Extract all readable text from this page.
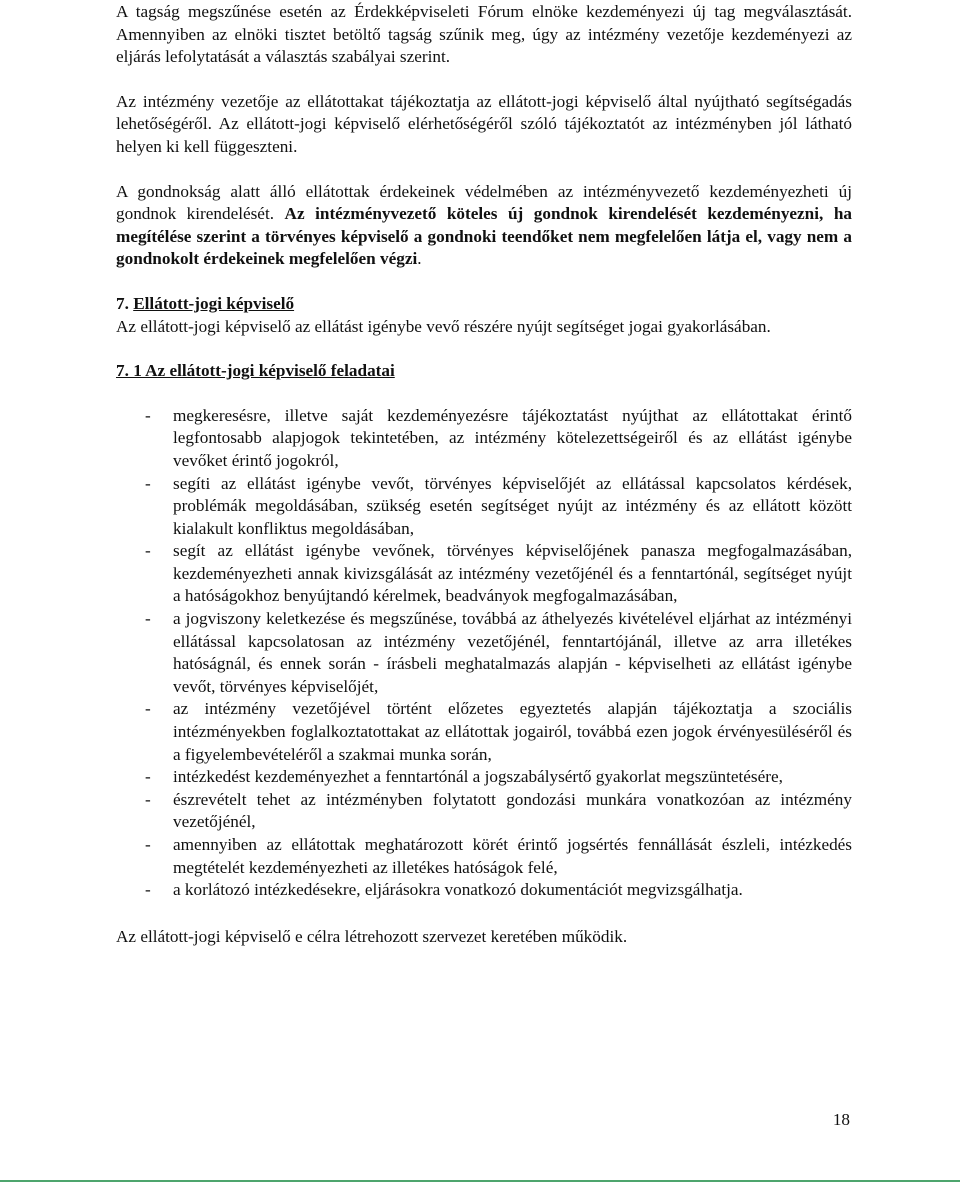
A tagság megszűnése esetén az Érdekképviseleti Fórum elnöke kezdeményezi új tag megválasztását. Amennyiben az elnöki tisztet betöltő tagság szűnik meg, úgy az intézmény vezetője kezdeményezi az eljárás lefolytatását a választás szabályai szerint.

Az intézmény vezetője az ellátottakat tájékoztatja az ellátott-jogi képviselő által nyújtható segítségadás lehetőségéről. Az ellátott-jogi képviselő elérhetőségéről szóló tájékoztatót az intézményben jól látható helyen ki kell függeszteni.

A gondnokság alatt álló ellátottak érdekeinek védelmében az intézményvezető kezdeményezheti új gondnok kirendelését. Az intézményvezető köteles új gondnok kirendelését kezdeményezni, ha megítélése szerint a törvényes képviselő a gondnoki teendőket nem megfelelően látja el, vagy nem a gondnokolt érdekeinek megfelelően végzi.

7. Ellátott-jogi képviselő

Az ellátott-jogi képviselő az ellátást igénybe vevő részére nyújt segítséget jogai gyakorlásában.

7. 1 Az ellátott-jogi képviselő feladatai

- megkeresésre, illetve saját kezdeményezésre tájékoztatást nyújthat az ellátottakat érintő legfontosabb alapjogok tekintetében, az intézmény kötelezettségeiről és az ellátást igénybe vevőket érintő jogokról,
- segíti az ellátást igénybe vevőt, törvényes képviselőjét az ellátással kapcsolatos kérdések, problémák megoldásában, szükség esetén segítséget nyújt az intézmény és az ellátott között kialakult konfliktus megoldásában,
- segít az ellátást igénybe vevőnek, törvényes képviselőjének panasza megfogalmazásában, kezdeményezheti annak kivizsgálását az intézmény vezetőjénél és a fenntartónál, segítséget nyújt a hatóságokhoz benyújtandó kérelmek, beadványok megfogalmazásában,
- a jogviszony keletkezése és megszűnése, továbbá az áthelyezés kivételével eljárhat az intézményi ellátással kapcsolatosan az intézmény vezetőjénél, fenntartójánál, illetve az arra illetékes hatóságnál, és ennek során - írásbeli meghatalmazás alapján - képviselheti az ellátást igénybe vevőt, törvényes képviselőjét,
- az intézmény vezetőjével történt előzetes egyeztetés alapján tájékoztatja a szociális intézményekben foglalkoztatottakat az ellátottak jogairól, továbbá ezen jogok érvényesüléséről és a figyelembevételéről a szakmai munka során,
- intézkedést kezdeményezhet a fenntartónál a jogszabálysértő gyakorlat megszüntetésére,
- észrevételt tehet az intézményben folytatott gondozási munkára vonatkozóan az intézmény vezetőjénél,
- amennyiben az ellátottak meghatározott körét érintő jogsértés fennállását észleli, intézkedés megtételét kezdeményezheti az illetékes hatóságok felé,
- a korlátozó intézkedésekre, eljárásokra vonatkozó dokumentációt megvizsgálhatja.

Az ellátott-jogi képviselő e célra létrehozott szervezet keretében működik.

18
